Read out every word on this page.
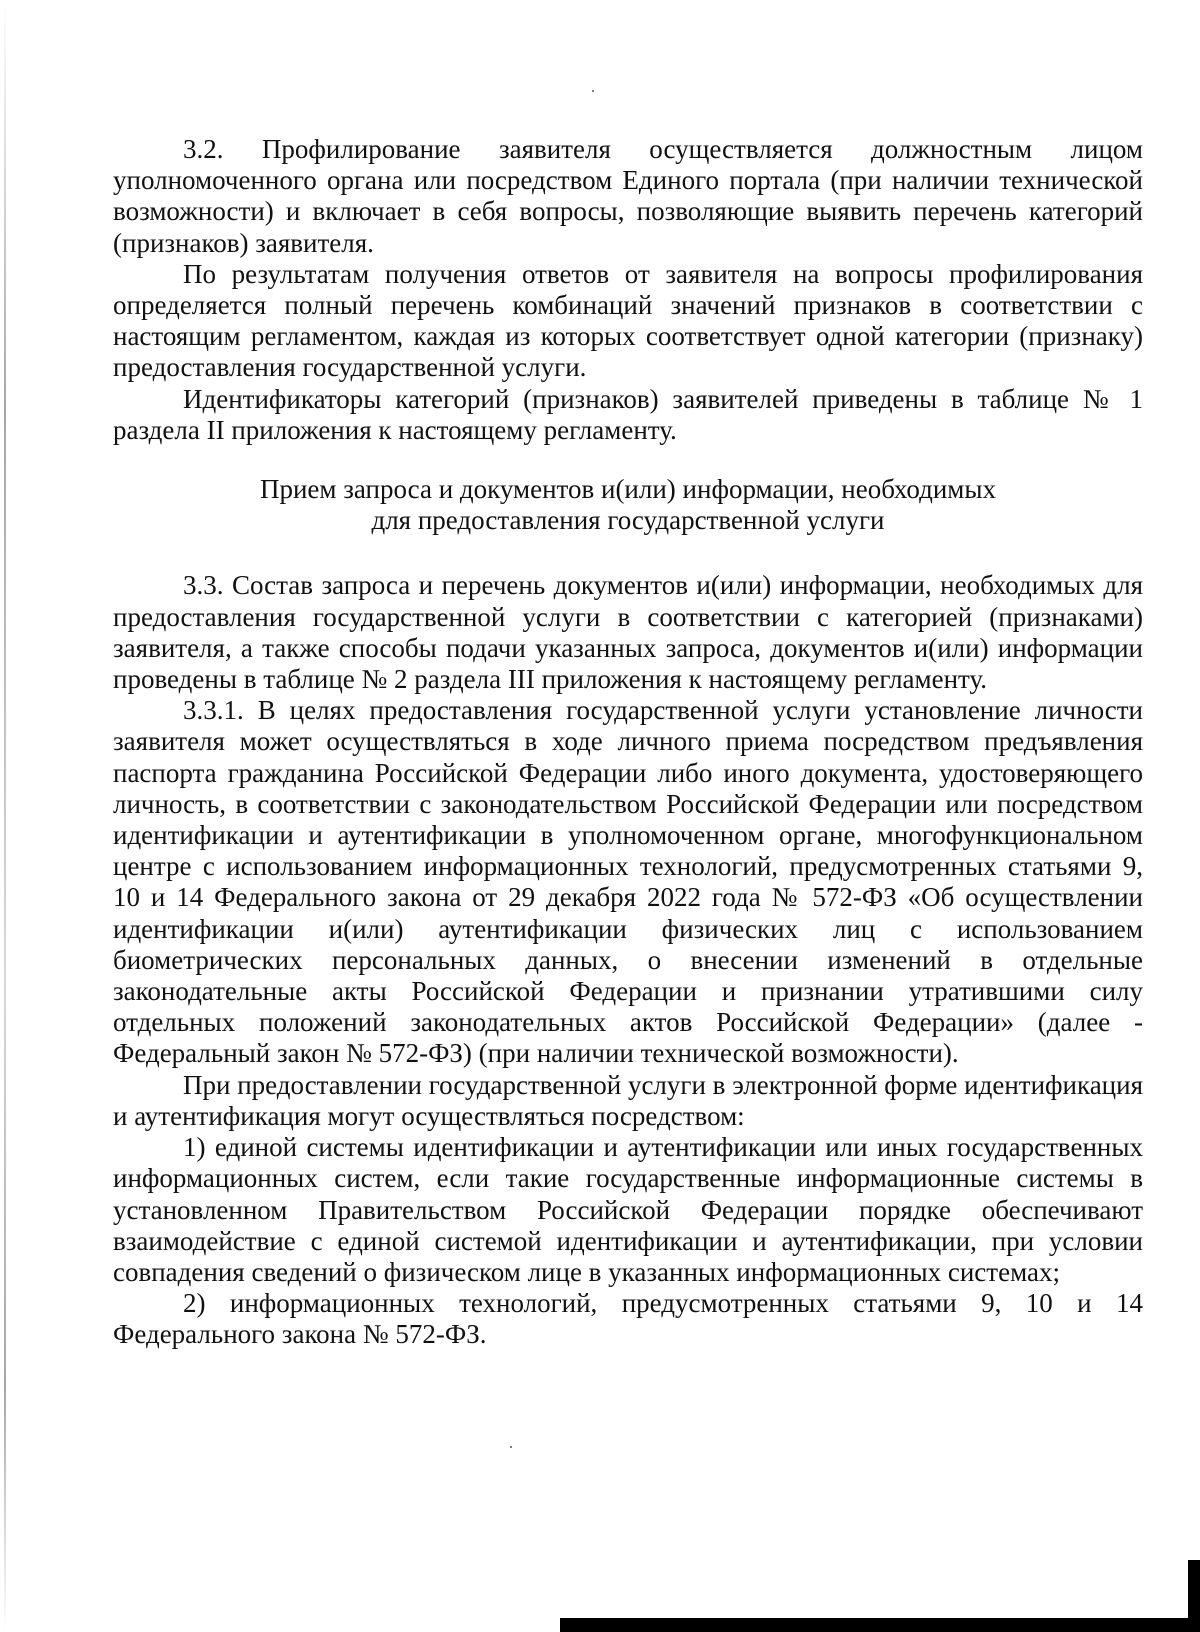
3.2. Профилирование заявителя осуществляется должностным лицом уполномоченного органа или посредством Единого портала (при наличии технической возможности) и включает в себя вопросы, позволяющие выявить перечень категорий (признаков) заявителя.

По результатам получения ответов от заявителя на вопросы профилирования определяется полный перечень комбинаций значений признаков в соответствии с настоящим регламентом, каждая из которых соответствует одной категории (признаку) предоставления государственной услуги.

Идентификаторы категорий (признаков) заявителей приведены в таблице № 1 раздела II приложения к настоящему регламенту.

Прием запроса и документов и(или) информации, необходимых
для предоставления государственной услуги

3.3. Состав запроса и перечень документов и(или) информации, необходимых для предоставления государственной услуги в соответствии с категорией (признаками) заявителя, а также способы подачи указанных запроса, документов и(или) информации проведены в таблице № 2 раздела III приложения к настоящему регламенту.

3.3.1. В целях предоставления государственной услуги установление личности заявителя может осуществляться в ходе личного приема посредством предъявления паспорта гражданина Российской Федерации либо иного документа, удостоверяющего личность, в соответствии с законодательством Российской Федерации или посредством идентификации и аутентификации в уполномоченном органе, многофункциональном центре с использованием информационных технологий, предусмотренных статьями 9, 10 и 14 Федерального закона от 29 декабря 2022 года № 572-ФЗ «Об осуществлении идентификации и(или) аутентификации физических лиц с использованием биометрических персональных данных, о внесении изменений в отдельные законодательные акты Российской Федерации и признании утратившими силу отдельных положений законодательных актов Российской Федерации» (далее - Федеральный закон № 572-ФЗ) (при наличии технической возможности).

При предоставлении государственной услуги в электронной форме идентификация и аутентификация могут осуществляться посредством:

1) единой системы идентификации и аутентификации или иных государственных информационных систем, если такие государственные информационные системы в установленном Правительством Российской Федерации порядке обеспечивают взаимодействие с единой системой идентификации и аутентификации, при условии совпадения сведений о физическом лице в указанных информационных системах;

2) информационных технологий, предусмотренных статьями 9, 10 и 14 Федерального закона № 572-ФЗ.
